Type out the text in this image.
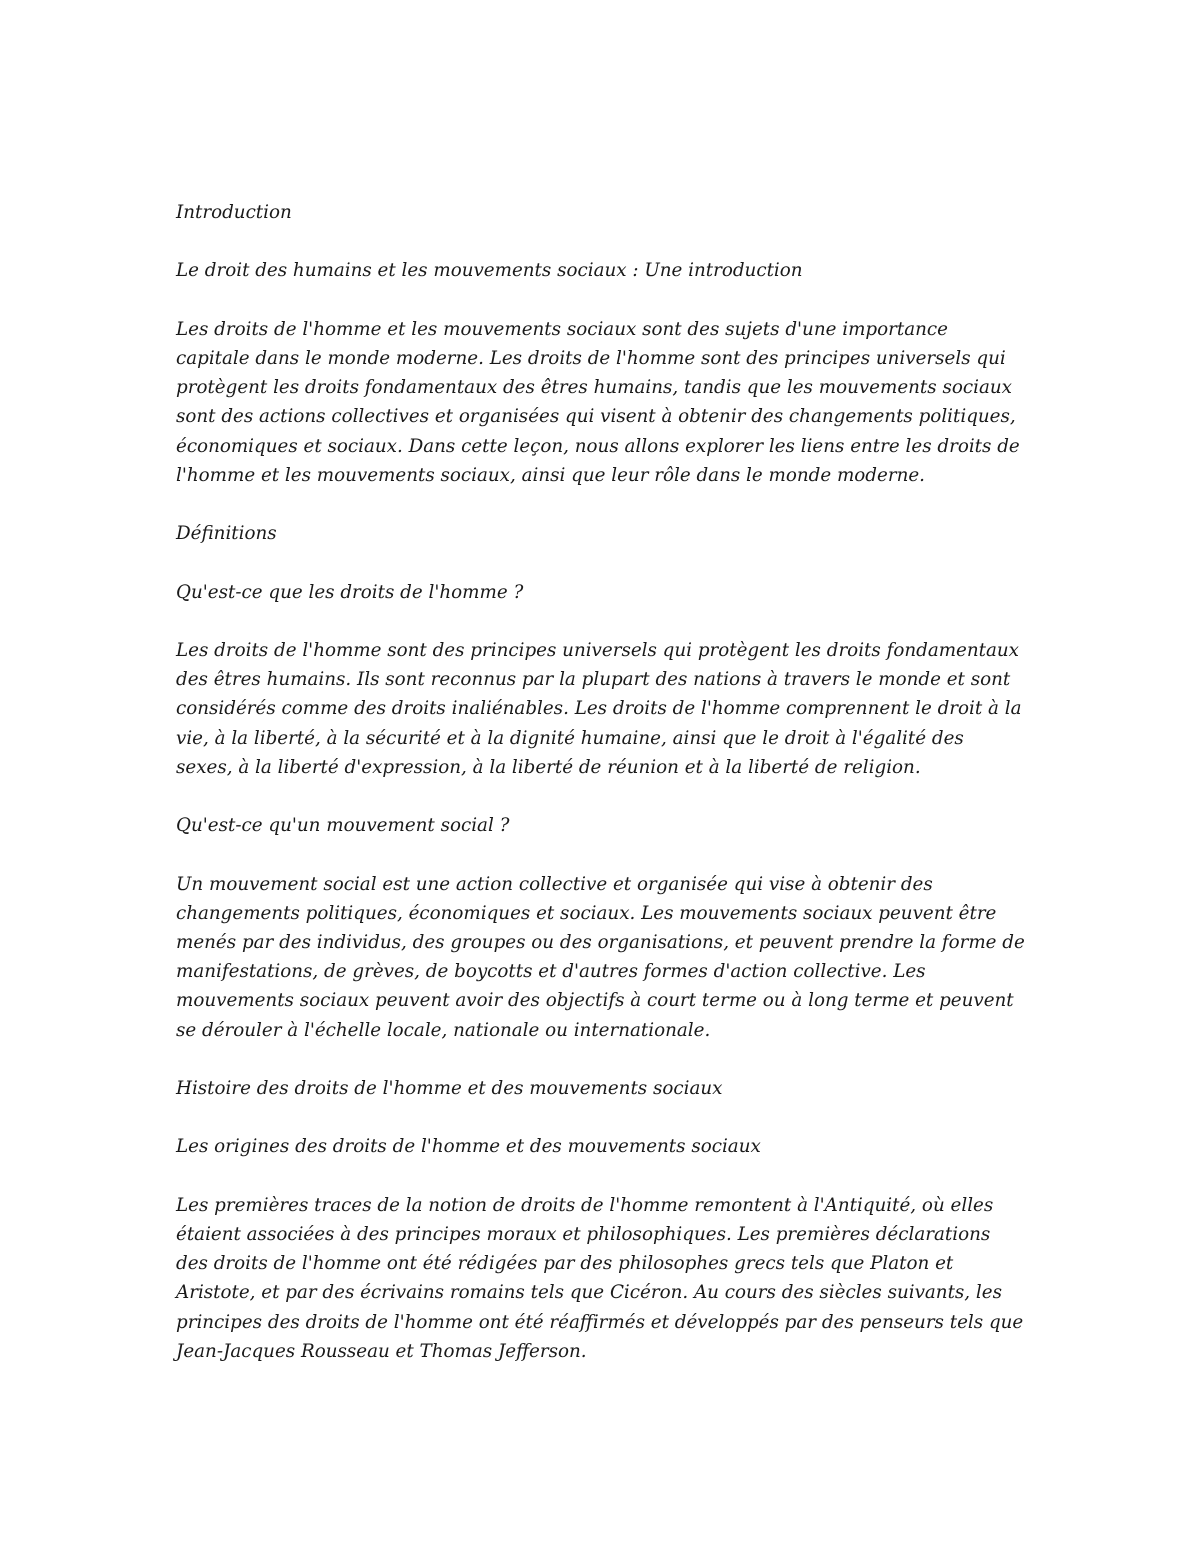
Introduction

Le droit des humains et les mouvements sociaux : Une introduction

Les droits de l'homme et les mouvements sociaux sont des sujets d'une importance capitale dans le monde moderne. Les droits de l'homme sont des principes universels qui protègent les droits fondamentaux des êtres humains, tandis que les mouvements sociaux sont des actions collectives et organisées qui visent à obtenir des changements politiques, économiques et sociaux. Dans cette leçon, nous allons explorer les liens entre les droits de l'homme et les mouvements sociaux, ainsi que leur rôle dans le monde moderne.

Définitions

Qu'est-ce que les droits de l'homme ?

Les droits de l'homme sont des principes universels qui protègent les droits fondamentaux des êtres humains. Ils sont reconnus par la plupart des nations à travers le monde et sont considérés comme des droits inaliénables. Les droits de l'homme comprennent le droit à la vie, à la liberté, à la sécurité et à la dignité humaine, ainsi que le droit à l'égalité des sexes, à la liberté d'expression, à la liberté de réunion et à la liberté de religion.

Qu'est-ce qu'un mouvement social ?

Un mouvement social est une action collective et organisée qui vise à obtenir des changements politiques, économiques et sociaux. Les mouvements sociaux peuvent être menés par des individus, des groupes ou des organisations, et peuvent prendre la forme de manifestations, de grèves, de boycotts et d'autres formes d'action collective. Les mouvements sociaux peuvent avoir des objectifs à court terme ou à long terme et peuvent se dérouler à l'échelle locale, nationale ou internationale.

Histoire des droits de l'homme et des mouvements sociaux

Les origines des droits de l'homme et des mouvements sociaux

Les premières traces de la notion de droits de l'homme remontent à l'Antiquité, où elles étaient associées à des principes moraux et philosophiques. Les premières déclarations des droits de l'homme ont été rédigées par des philosophes grecs tels que Platon et Aristote, et par des écrivains romains tels que Cicéron. Au cours des siècles suivants, les principes des droits de l'homme ont été réaffirmés et développés par des penseurs tels que Jean-Jacques Rousseau et Thomas Jefferson.
